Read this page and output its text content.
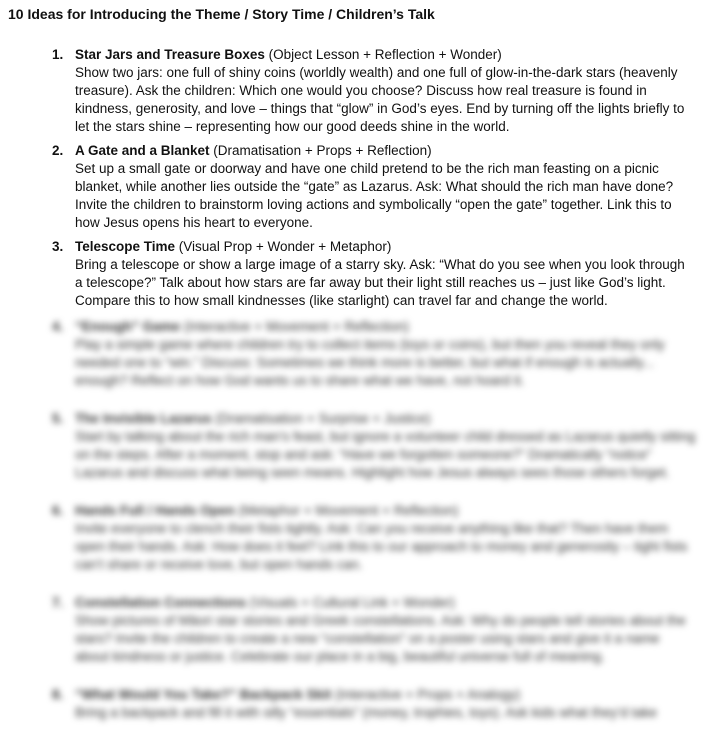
10 Ideas for Introducing the Theme / Story Time / Children’s Talk
1. Star Jars and Treasure Boxes (Object Lesson + Reflection + Wonder)
Show two jars: one full of shiny coins (worldly wealth) and one full of glow-in-the-dark stars (heavenly treasure). Ask the children: Which one would you choose? Discuss how real treasure is found in kindness, generosity, and love – things that “glow” in God’s eyes. End by turning off the lights briefly to let the stars shine – representing how our good deeds shine in the world.
2. A Gate and a Blanket (Dramatisation + Props + Reflection)
Set up a small gate or doorway and have one child pretend to be the rich man feasting on a picnic blanket, while another lies outside the “gate” as Lazarus. Ask: What should the rich man have done? Invite the children to brainstorm loving actions and symbolically “open the gate” together. Link this to how Jesus opens his heart to everyone.
3. Telescope Time (Visual Prop + Wonder + Metaphor)
Bring a telescope or show a large image of a starry sky. Ask: “What do you see when you look through a telescope?” Talk about how stars are far away but their light still reaches us – just like God’s light. Compare this to how small kindnesses (like starlight) can travel far and change the world.
4. “Enough” Game (Interactive + Movement + Reflection)
Play a simple game where children try to collect items (toys or coins), but then you reveal they only needed one to “win.” Discuss: Sometimes we think more is better, but what if enough is actually... enough? Reflect on how God wants us to share what we have, not hoard it.
5. The Invisible Lazarus (Dramatisation + Surprise + Justice)
Start by talking about the rich man’s feast, but ignore a volunteer child dressed as Lazarus quietly sitting on the steps. After a moment, stop and ask: “Have we forgotten someone?” Dramatically “notice” Lazarus and discuss what being seen means. Highlight how Jesus always sees those others forget.
6. Hands Full / Hands Open (Metaphor + Movement + Reflection)
Invite everyone to clench their fists tightly. Ask: Can you receive anything like that? Then have them open their hands. Ask: How does it feel? Link this to our approach to money and generosity – tight fists can’t share or receive love, but open hands can.
7. Constellation Connections (Visuals + Cultural Link + Wonder)
Show pictures of Māori star stories and Greek constellations. Ask: Why do people tell stories about the stars? Invite the children to create a new “constellation” on a poster using stars and give it a name about kindness or justice. Celebrate our place in a big, beautiful universe full of meaning.
8. “What Would You Take?” Backpack Skit (Interactive + Props + Analogy)
Bring a backpack and fill it with silly “essentials” (money, trophies, toys). Ask kids what they’d take
